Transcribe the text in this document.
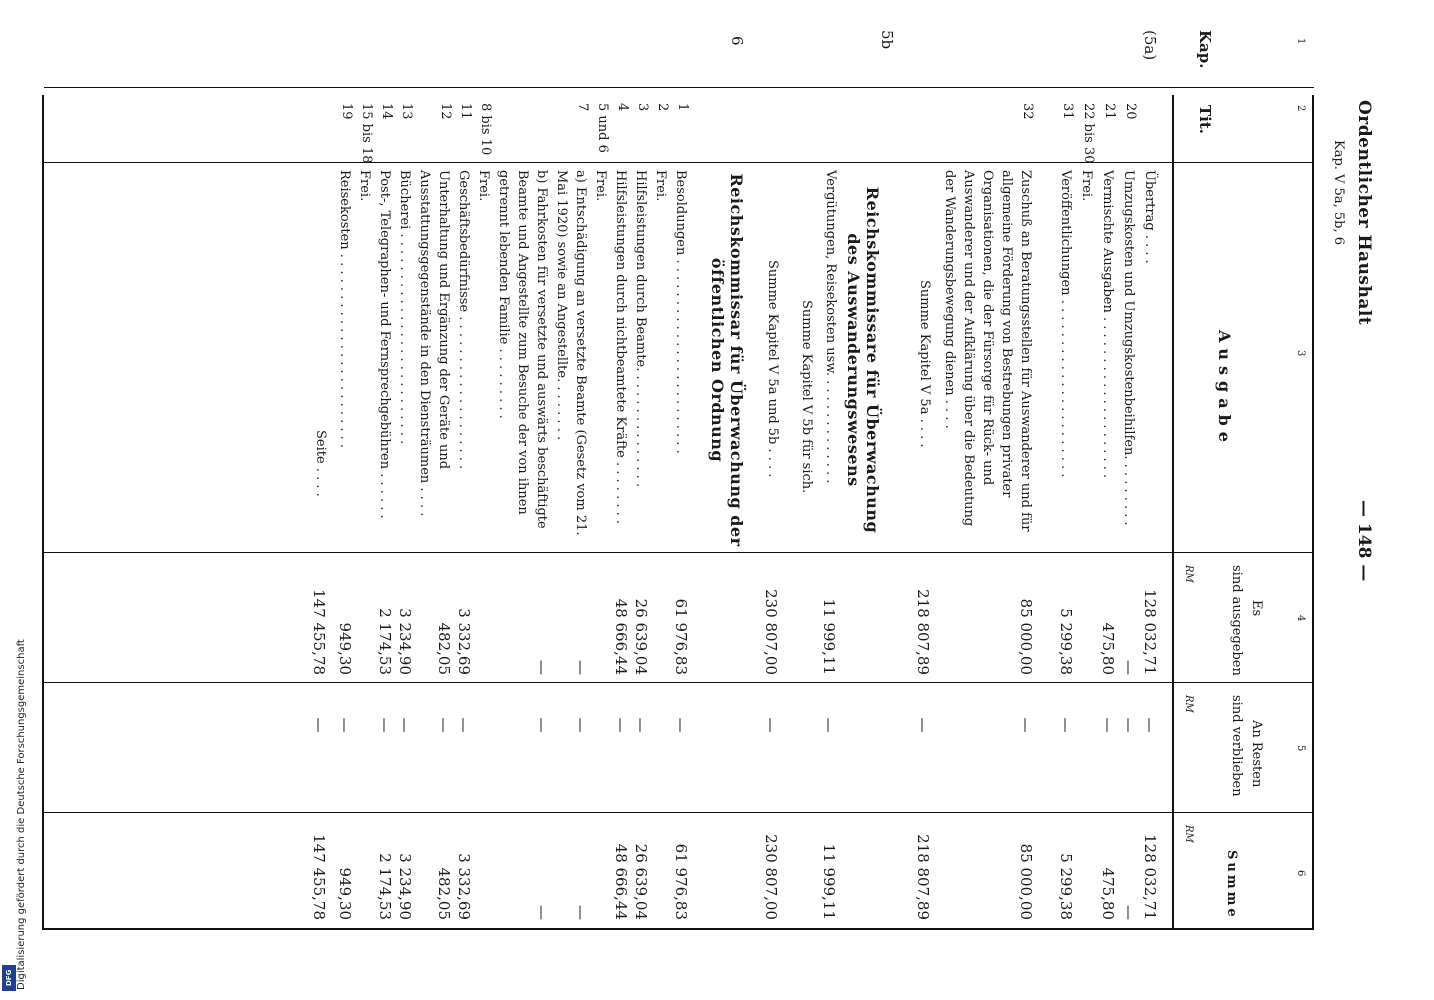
Ordentlicher Haushalt
Kap. V 5a, 5b, 6
— 148 —
1
2
3
4
5
6
Kap.
Tit.
Ausgabe
Es
sind ausgegeben
An Resten
sind verblieben
Summe
RM
RM
RM
(5a)
Übertrag . . . .
128 032,71
—
128 032,71
20
Umzugskosten und Umzugskostenbeihilfen. . . . . . . . .
—
—
—
21
Vermischte Ausgaben . . . . . . . . . . . . . . . . . . . .
475,80
—
475,80
22 bis 30
Frei.
31
Veröffentlichungen . . . . . . . . . . . . . . . . . . . . . .
5 299,38
—
5 299,38
32
Zuschuß an Beratungsstellen für Auswanderer und für allgemeine Förderung von Bestrebungen privater Organisationen, die der Fürsorge für Rück- und Auswanderer und der Aufklärung über die Bedeutung der Wanderungsbewegung dienen . . . .
85 000,00
—
85 000,00
Summe Kapitel V 5a . . . .
218 807,89
—
218 807,89
5b
Reichskommissare für Überwachung des Auswanderungswesens
Vergütungen, Reisekosten usw. . . . . . . . . . . . . .
11 999,11
—
11 999,11
Summe Kapitel V 5b für sich.
Summe Kapitel V 5a und 5b . . . .
230 807,00
—
230 807,00
6
Reichskommissar für Überwachung der öffentlichen Ordnung
1
Besoldungen . . . . . . . . . . . . . . . . . . . . . . . .
61 976,83
—
61 976,83
2
Frei.
3
Hilfsleistungen durch Beamte. . . . . . . . . . . . . . .
26 639,04
—
26 639,04
4
Hilfsleistungen durch nichtbeamtete Kräfte . . . . . . . .
48 666,44
—
48 666,44
5 und 6
Frei.
7
a) Entschädigung an versetzte Beamte (Gesetz vom 21. Mai 1920) sowie an Angestellte. . . . . . . .
—
—
—
b) Fahrkosten für versetzte und auswärts beschäftigte Beamte und Angestellte zum Besuche der von ihnen getrennt lebenden Familie . . . . . . . . .
—
—
—
8 bis 10
Frei.
11
Geschäftsbedürfnisse . . . . . . . . . . . . . . . . . . .
3 332,69
—
3 332,69
12
Unterhaltung und Ergänzung der Geräte und Ausstattungsgegenstände in den Diensträumen . . . .
482,05
—
482,05
13
Bücherei . . . . . . . . . . . . . . . . . . . . . . . . . .
3 234,90
—
3 234,90
14
Post-, Telegraphen- und Fernsprechgebühren . . . . . .
2 174,53
—
2 174,53
15 bis 18
Frei.
19
Reisekosten . . . . . . . . . . . . . . . . . . . . . . . .
949,30
—
949,30
Seite . . . .
147 455,78
—
147 455,78
Digitalisierung gefördert durch die Deutsche Forschungsgemeinschaft
DFG
